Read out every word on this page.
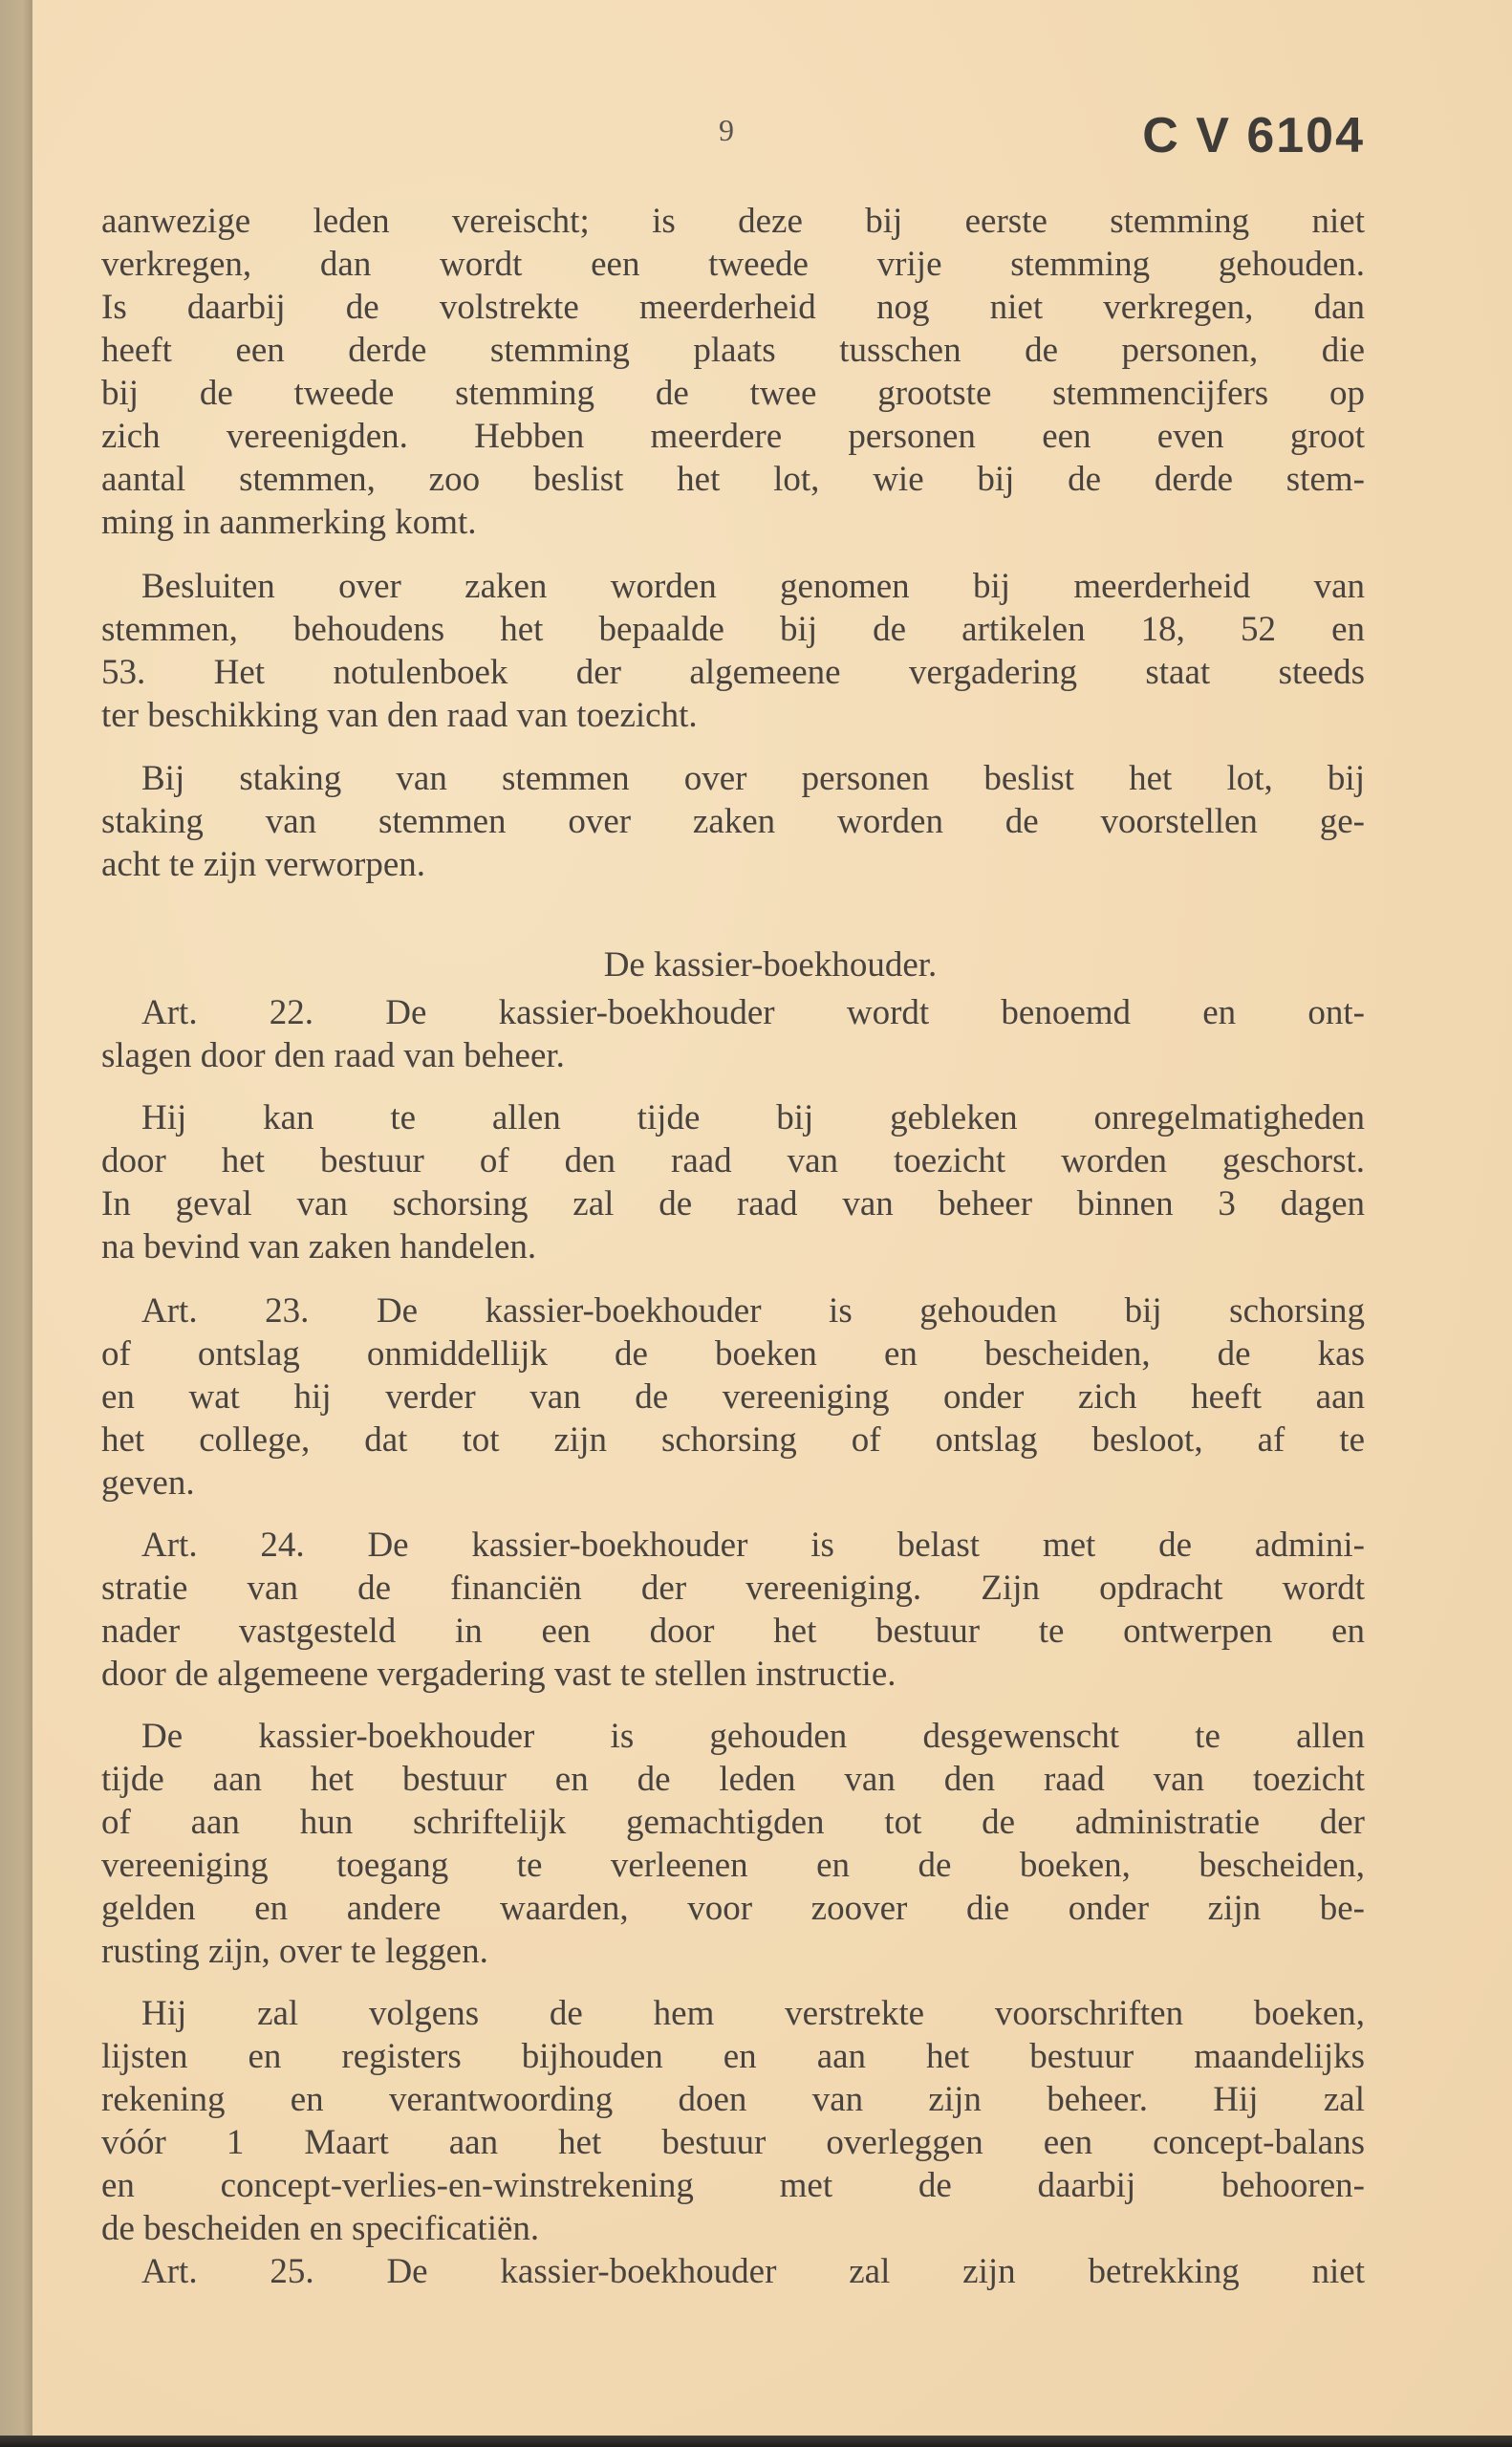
9	C V 6104
aanwezige leden vereischt; is deze bij eerste stemming niet
verkregen, dan wordt een tweede vrije stemming gehouden.
Is daarbij de volstrekte meerderheid nog niet verkregen, dan
heeft een derde stemming plaats tusschen de personen, die
bij de tweede stemming de twee grootste stemmencijfers op
zich vereenigden. Hebben meerdere personen een even groot
aantal stemmen, zoo beslist het lot, wie bij de derde stem-
ming in aanmerking komt.
Besluiten over zaken worden genomen bij meerderheid van
stemmen, behoudens het bepaalde bij de artikelen 18, 52 en
53. Het notulenboek der algemeene vergadering staat steeds
ter beschikking van den raad van toezicht.
Bij staking van stemmen over personen beslist het lot, bij
staking van stemmen over zaken worden de voorstellen ge-
acht te zijn verworpen.
De kassier-boekhouder.
Art. 22. De kassier-boekhouder wordt benoemd en ont-
slagen door den raad van beheer.
Hij kan te allen tijde bij gebleken onregelmatigheden
door het bestuur of den raad van toezicht worden geschorst.
In geval van schorsing zal de raad van beheer binnen 3 dagen
na bevind van zaken handelen.
Art. 23. De kassier-boekhouder is gehouden bij schorsing
of ontslag onmiddellijk de boeken en bescheiden, de kas
en wat hij verder van de vereeniging onder zich heeft aan
het college, dat tot zijn schorsing of ontslag besloot, af te
geven.
Art. 24. De kassier-boekhouder is belast met de admini-
stratie van de financiën der vereeniging. Zijn opdracht wordt
nader vastgesteld in een door het bestuur te ontwerpen en
door de algemeene vergadering vast te stellen instructie.
De kassier-boekhouder is gehouden desgewenscht te allen
tijde aan het bestuur en de leden van den raad van toezicht
of aan hun schriftelijk gemachtigden tot de administratie der
vereeniging toegang te verleenen en de boeken, bescheiden,
gelden en andere waarden, voor zoover die onder zijn be-
rusting zijn, over te leggen.
Hij zal volgens de hem verstrekte voorschriften boeken,
lijsten en registers bijhouden en aan het bestuur maandelijks
rekening en verantwoording doen van zijn beheer. Hij zal
vóór 1 Maart aan het bestuur overleggen een concept-balans
en concept-verlies-en-winstrekening met de daarbij behooren-
de bescheiden en specificatiën.
Art. 25. De kassier-boekhouder zal zijn betrekking niet
